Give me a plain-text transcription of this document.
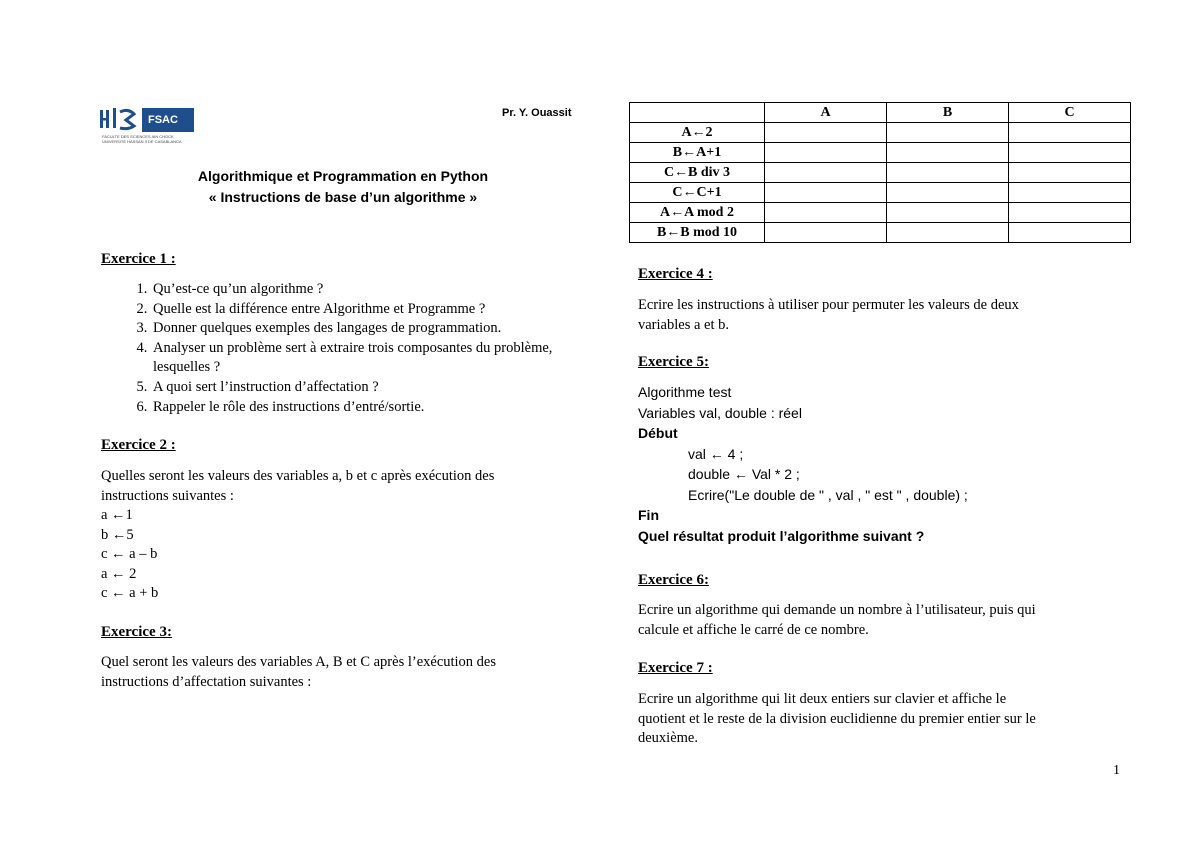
FSAC
FACULTE DES SCIENCES AIN CHOCK UNIVERSITE HASSAN II DE CASABLANCA
Pr. Y. Ouassit
Algorithmique et Programmation en Python
« Instructions de base d’un algorithme »
Exercice 1 :
1. Qu’est-ce qu’un algorithme ?
2. Quelle est la différence entre Algorithme et Programme ?
3. Donner quelques exemples des langages de programmation.
4. Analyser un problème sert à extraire trois composantes du problème, lesquelles ?
5. A quoi sert l’instruction d’affectation ?
6. Rappeler le rôle des instructions d’entré/sortie.
Exercice 2 :
Quelles seront les valeurs des variables a, b et c après exécution des
instructions suivantes :
a ←1
b ←5
c ← a – b
a ← 2
c ← a + b
Exercice 3:
Quel seront les valeurs des variables A, B et C après l’exécution des
instructions d’affectation suivantes :
	A	B	C
A←2			
B←A+1			
C←B div 3			
C←C+1			
A←A mod 2			
B←B mod 10			
Exercice 4 :
Ecrire les instructions à utiliser pour permuter les valeurs de deux
variables a et b.
Exercice 5:
Algorithme test
Variables val, double : réel
Début
val ← 4 ;
double ← Val * 2 ;
Ecrire("Le double de " , val , " est " , double) ;
Fin
Quel résultat produit l’algorithme suivant ?
Exercice 6:
Ecrire un algorithme qui demande un nombre à l’utilisateur, puis qui
calcule et affiche le carré de ce nombre.
Exercice 7 :
Ecrire un algorithme qui lit deux entiers sur clavier et affiche le
quotient et le reste de la division euclidienne du premier entier sur le
deuxième.
1
